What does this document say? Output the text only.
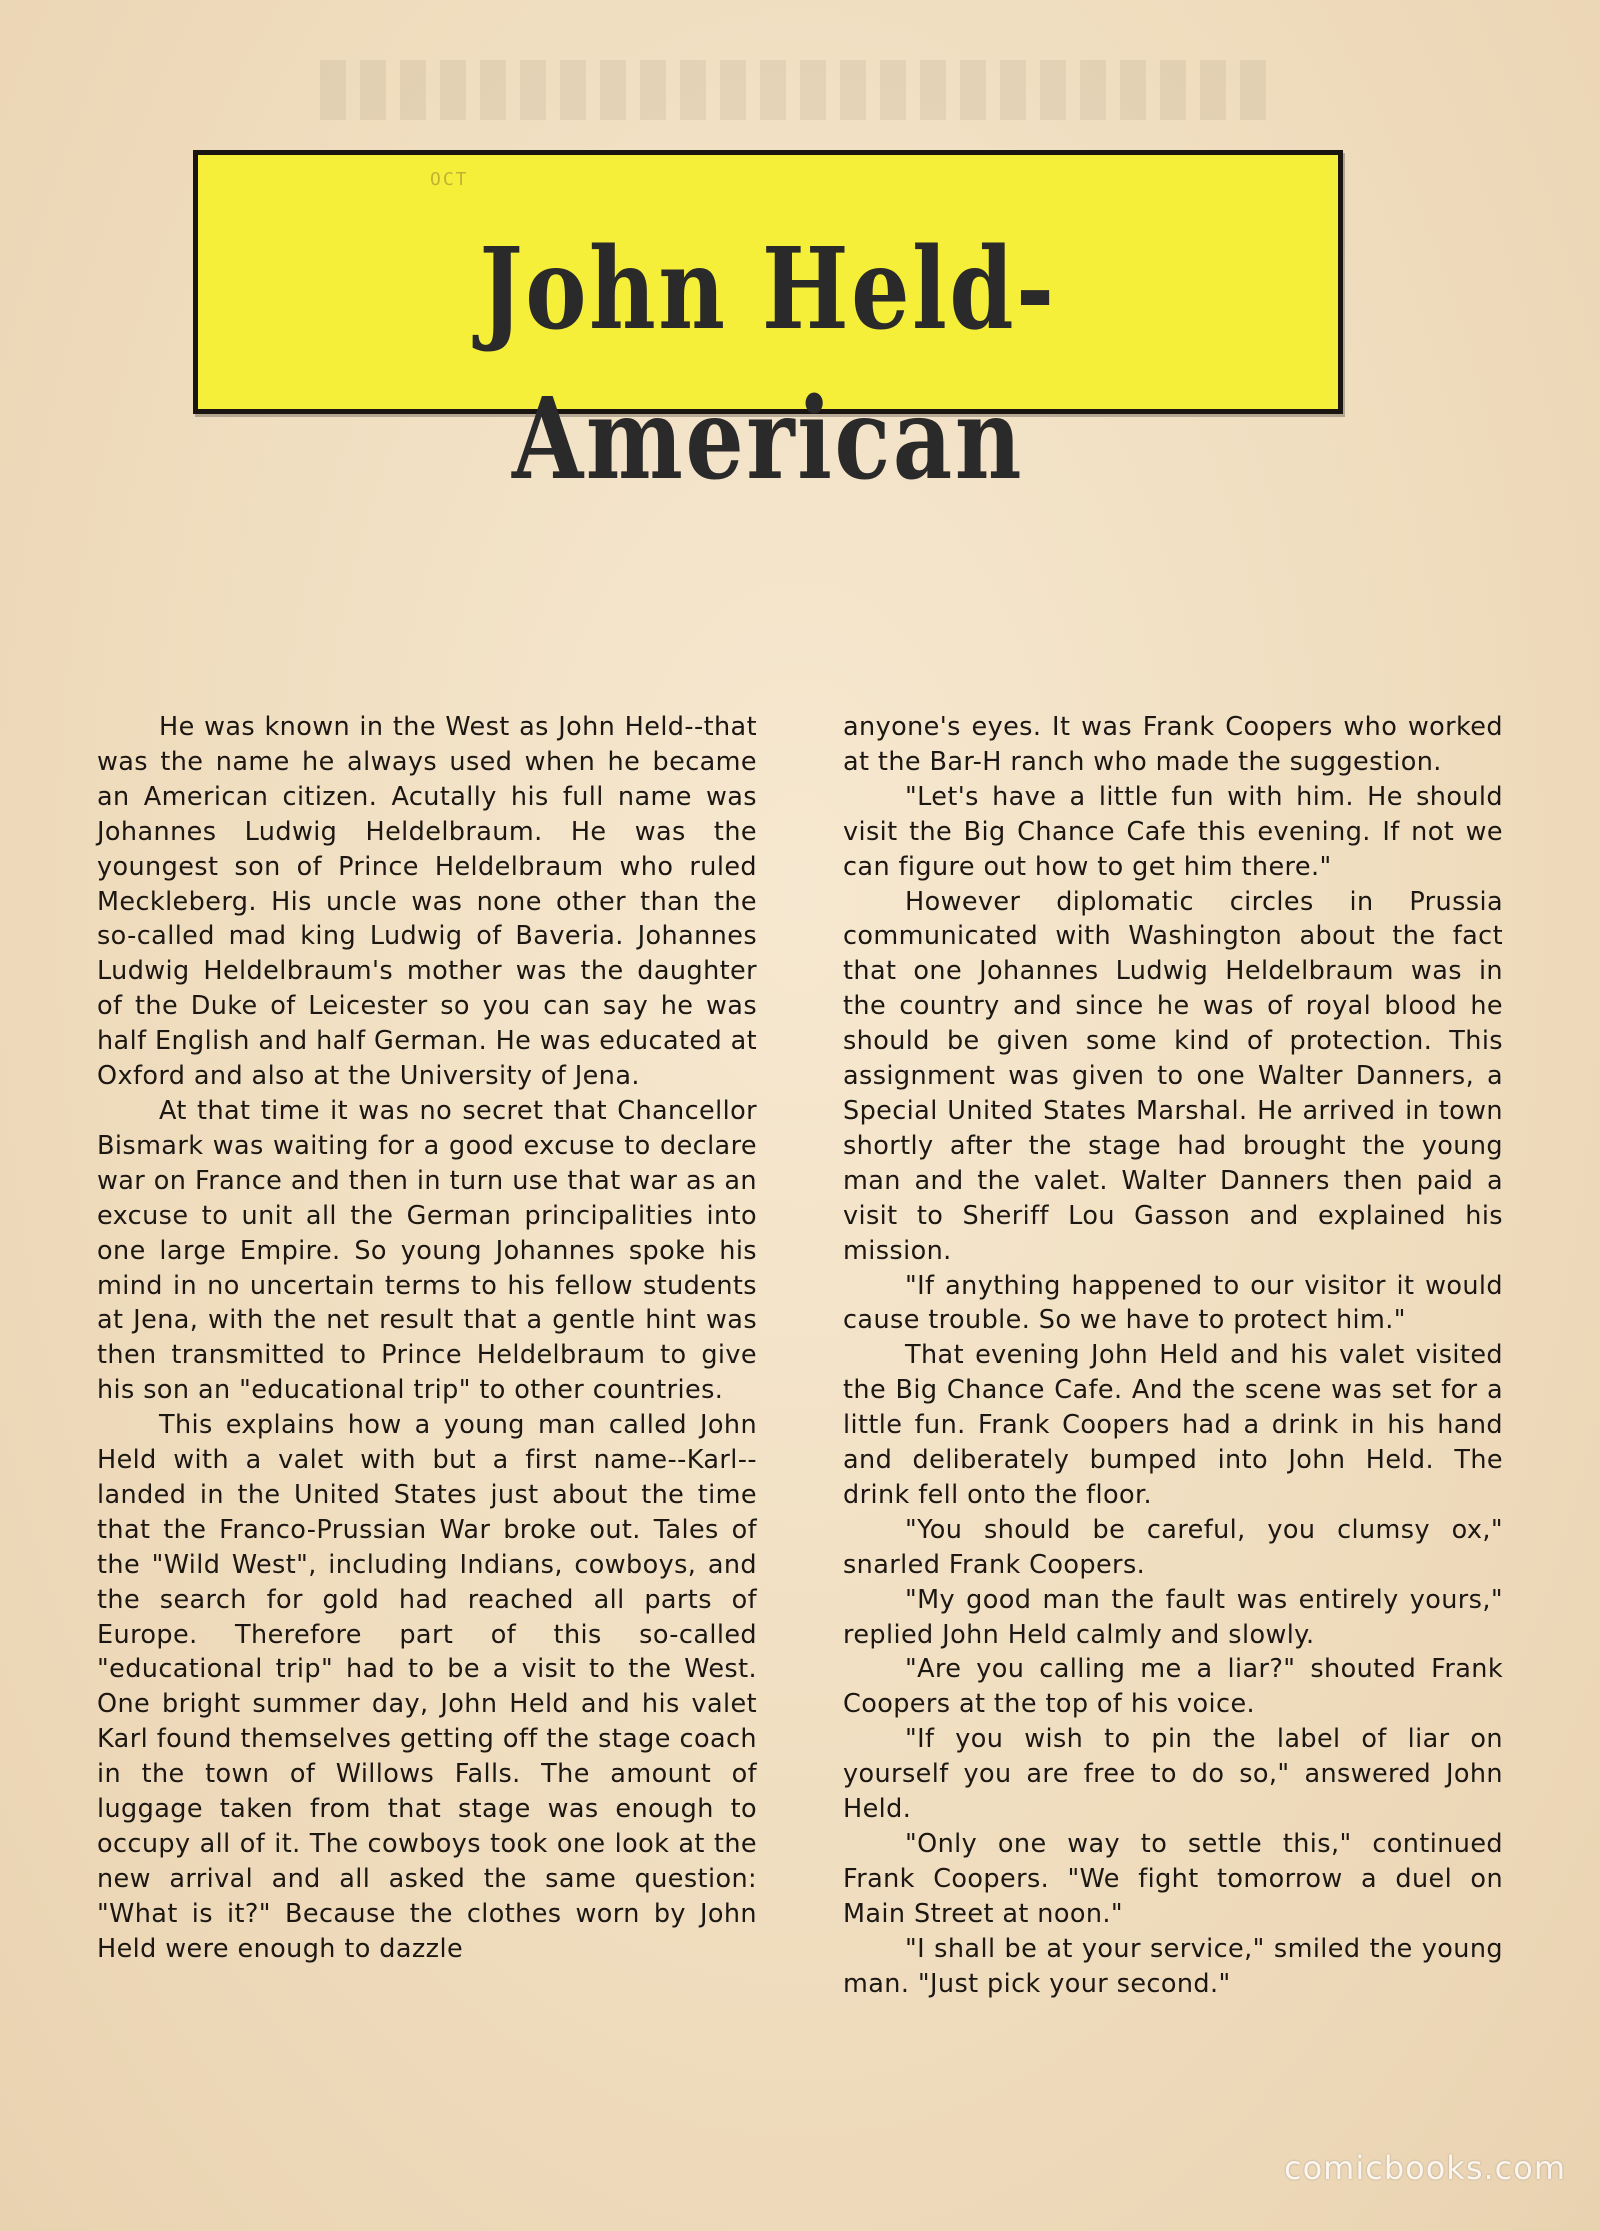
OCT
John Held-American

He was known in the West as John Held--that was the name he always used when he became an American citizen. Acutally his full name was Johannes Ludwig Heldelbraum. He was the youngest son of Prince Heldelbraum who ruled Meckleberg. His uncle was none other than the so-called mad king Ludwig of Baveria. Johannes Ludwig Heldelbraum's mother was the daughter of the Duke of Leicester so you can say he was half English and half German. He was educated at Oxford and also at the University of Jena.

At that time it was no secret that Chancellor Bismark was waiting for a good excuse to declare war on France and then in turn use that war as an excuse to unit all the German principalities into one large Empire. So young Johannes spoke his mind in no uncertain terms to his fellow students at Jena, with the net result that a gentle hint was then transmitted to Prince Heldelbraum to give his son an "educational trip" to other countries.

This explains how a young man called John Held with a valet with but a first name--Karl--landed in the United States just about the time that the Franco-Prussian War broke out. Tales of the "Wild West", including Indians, cowboys, and the search for gold had reached all parts of Europe. Therefore part of this so-called "educational trip" had to be a visit to the West. One bright summer day, John Held and his valet Karl found themselves getting off the stage coach in the town of Willows Falls. The amount of luggage taken from that stage was enough to occupy all of it. The cowboys took one look at the new arrival and all asked the same question: "What is it?" Because the clothes worn by John Held were enough to dazzle

anyone's eyes. It was Frank Coopers who worked at the Bar-H ranch who made the suggestion.

"Let's have a little fun with him. He should visit the Big Chance Cafe this evening. If not we can figure out how to get him there."

However diplomatic circles in Prussia communicated with Washington about the fact that one Johannes Ludwig Heldelbraum was in the country and since he was of royal blood he should be given some kind of protection. This assignment was given to one Walter Danners, a Special United States Marshal. He arrived in town shortly after the stage had brought the young man and the valet. Walter Danners then paid a visit to Sheriff Lou Gasson and explained his mission.

"If anything happened to our visitor it would cause trouble. So we have to protect him."

That evening John Held and his valet visited the Big Chance Cafe. And the scene was set for a little fun. Frank Coopers had a drink in his hand and deliberately bumped into John Held. The drink fell onto the floor.

"You should be careful, you clumsy ox," snarled Frank Coopers.

"My good man the fault was entirely yours," replied John Held calmly and slowly.

"Are you calling me a liar?" shouted Frank Coopers at the top of his voice.

"If you wish to pin the label of liar on yourself you are free to do so," answered John Held.

"Only one way to settle this," continued Frank Coopers. "We fight tomorrow a duel on Main Street at noon."

"I shall be at your service," smiled the young man. "Just pick your second."

comicbooks.com
